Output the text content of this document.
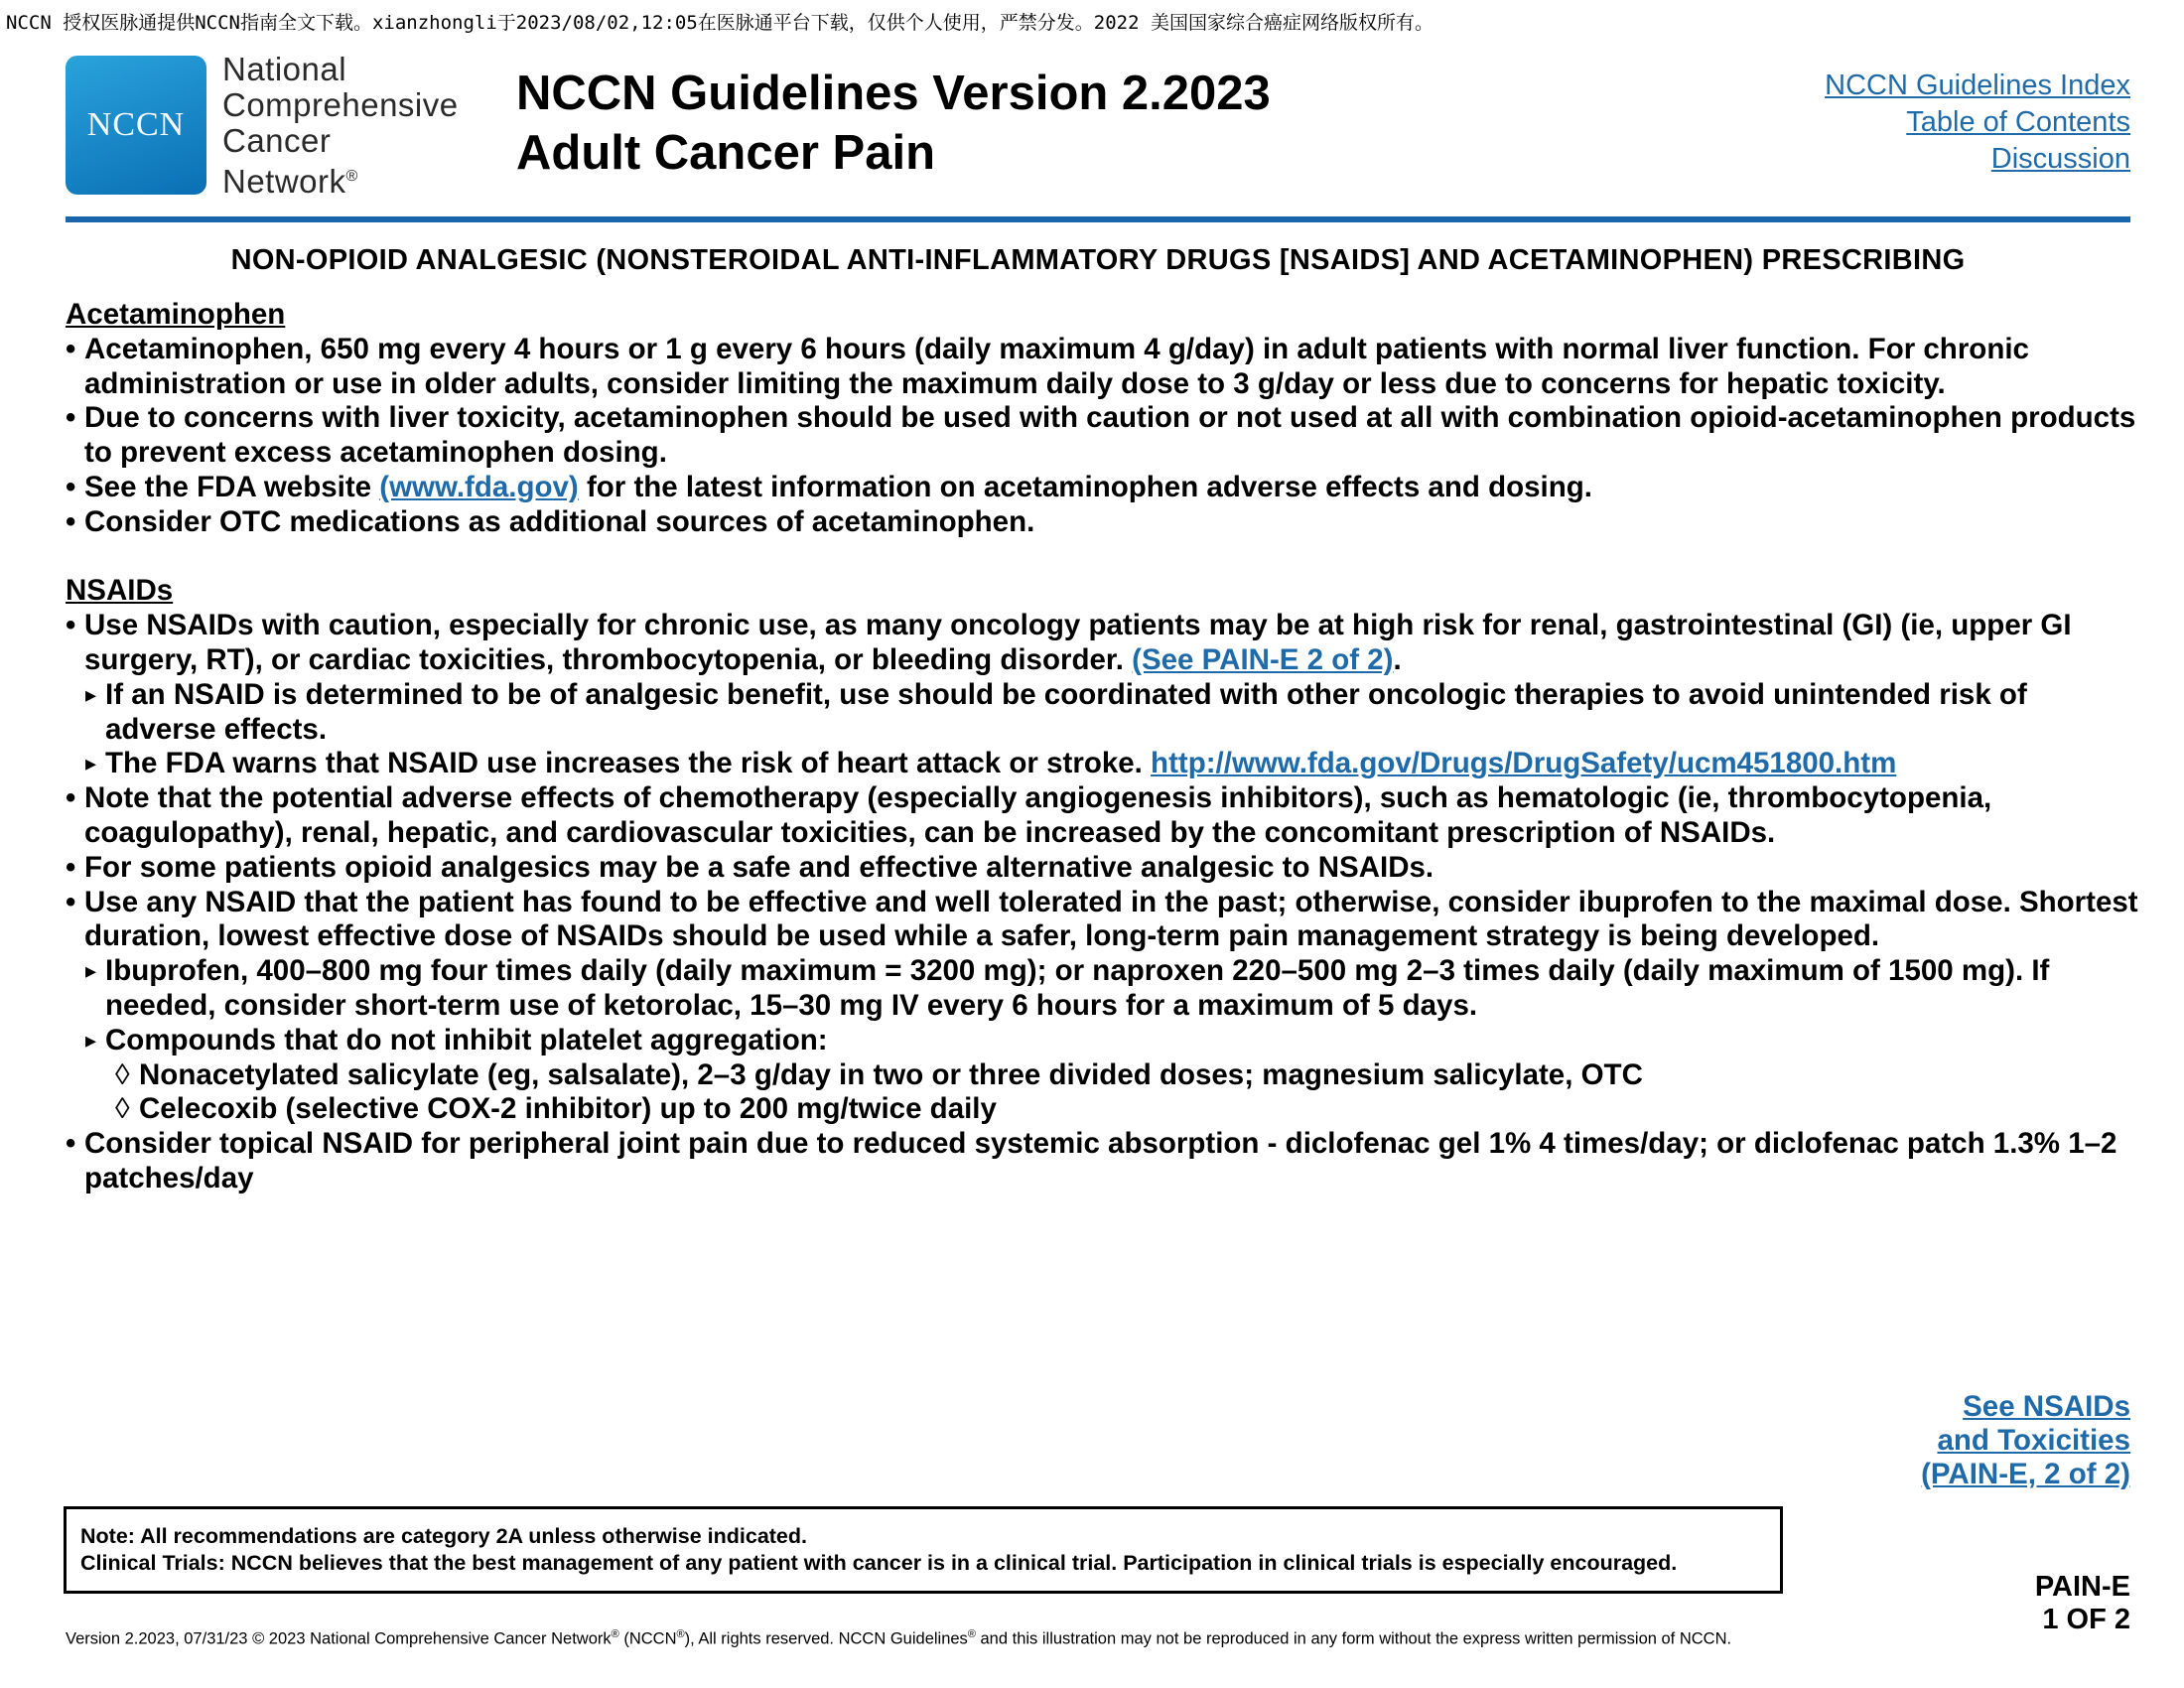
NCCN 授权医脉通提供NCCN指南全文下载。xianzhongli于2023/08/02,12:05在医脉通平台下载，仅供个人使用，严禁分发。2022 美国国家综合癌症网络版权所有。
NCCN
National
Comprehensive
Cancer
Network®
NCCN Guidelines Version 2.2023
Adult Cancer Pain
NCCN Guidelines Index
Table of Contents
Discussion
NON-OPIOID ANALGESIC (NONSTEROIDAL ANTI-INFLAMMATORY DRUGS [NSAIDS] AND ACETAMINOPHEN) PRESCRIBING
Acetaminophen
• Acetaminophen, 650 mg every 4 hours or 1 g every 6 hours (daily maximum 4 g/day) in adult patients with normal liver function. For chronic administration or use in older adults, consider limiting the maximum daily dose to 3 g/day or less due to concerns for hepatic toxicity.
• Due to concerns with liver toxicity, acetaminophen should be used with caution or not used at all with combination opioid-acetaminophen products to prevent excess acetaminophen dosing.
• See the FDA website (www.fda.gov) for the latest information on acetaminophen adverse effects and dosing.
• Consider OTC medications as additional sources of acetaminophen.
NSAIDs
• Use NSAIDs with caution, especially for chronic use, as many oncology patients may be at high risk for renal, gastrointestinal (GI) (ie, upper GI surgery, RT), or cardiac toxicities, thrombocytopenia, or bleeding disorder. (See PAIN-E 2 of 2).
▸ If an NSAID is determined to be of analgesic benefit, use should be coordinated with other oncologic therapies to avoid unintended risk of adverse effects.
▸ The FDA warns that NSAID use increases the risk of heart attack or stroke. http://www.fda.gov/Drugs/DrugSafety/ucm451800.htm
• Note that the potential adverse effects of chemotherapy (especially angiogenesis inhibitors), such as hematologic (ie, thrombocytopenia, coagulopathy), renal, hepatic, and cardiovascular toxicities, can be increased by the concomitant prescription of NSAIDs.
• For some patients opioid analgesics may be a safe and effective alternative analgesic to NSAIDs.
• Use any NSAID that the patient has found to be effective and well tolerated in the past; otherwise, consider ibuprofen to the maximal dose. Shortest duration, lowest effective dose of NSAIDs should be used while a safer, long-term pain management strategy is being developed.
▸ Ibuprofen, 400–800 mg four times daily (daily maximum = 3200 mg); or naproxen 220–500 mg 2–3 times daily (daily maximum of 1500 mg). If needed, consider short-term use of ketorolac, 15–30 mg IV every 6 hours for a maximum of 5 days.
▸ Compounds that do not inhibit platelet aggregation:
◊ Nonacetylated salicylate (eg, salsalate), 2–3 g/day in two or three divided doses; magnesium salicylate, OTC
◊ Celecoxib (selective COX-2 inhibitor) up to 200 mg/twice daily
• Consider topical NSAID for peripheral joint pain due to reduced systemic absorption - diclofenac gel 1% 4 times/day; or diclofenac patch 1.3% 1–2 patches/day
See NSAIDs
and Toxicities
(PAIN-E, 2 of 2)
Note: All recommendations are category 2A unless otherwise indicated.
Clinical Trials: NCCN believes that the best management of any patient with cancer is in a clinical trial. Participation in clinical trials is especially encouraged.
PAIN-E
1 OF 2
Version 2.2023, 07/31/23 © 2023 National Comprehensive Cancer Network® (NCCN®), All rights reserved. NCCN Guidelines® and this illustration may not be reproduced in any form without the express written permission of NCCN.
